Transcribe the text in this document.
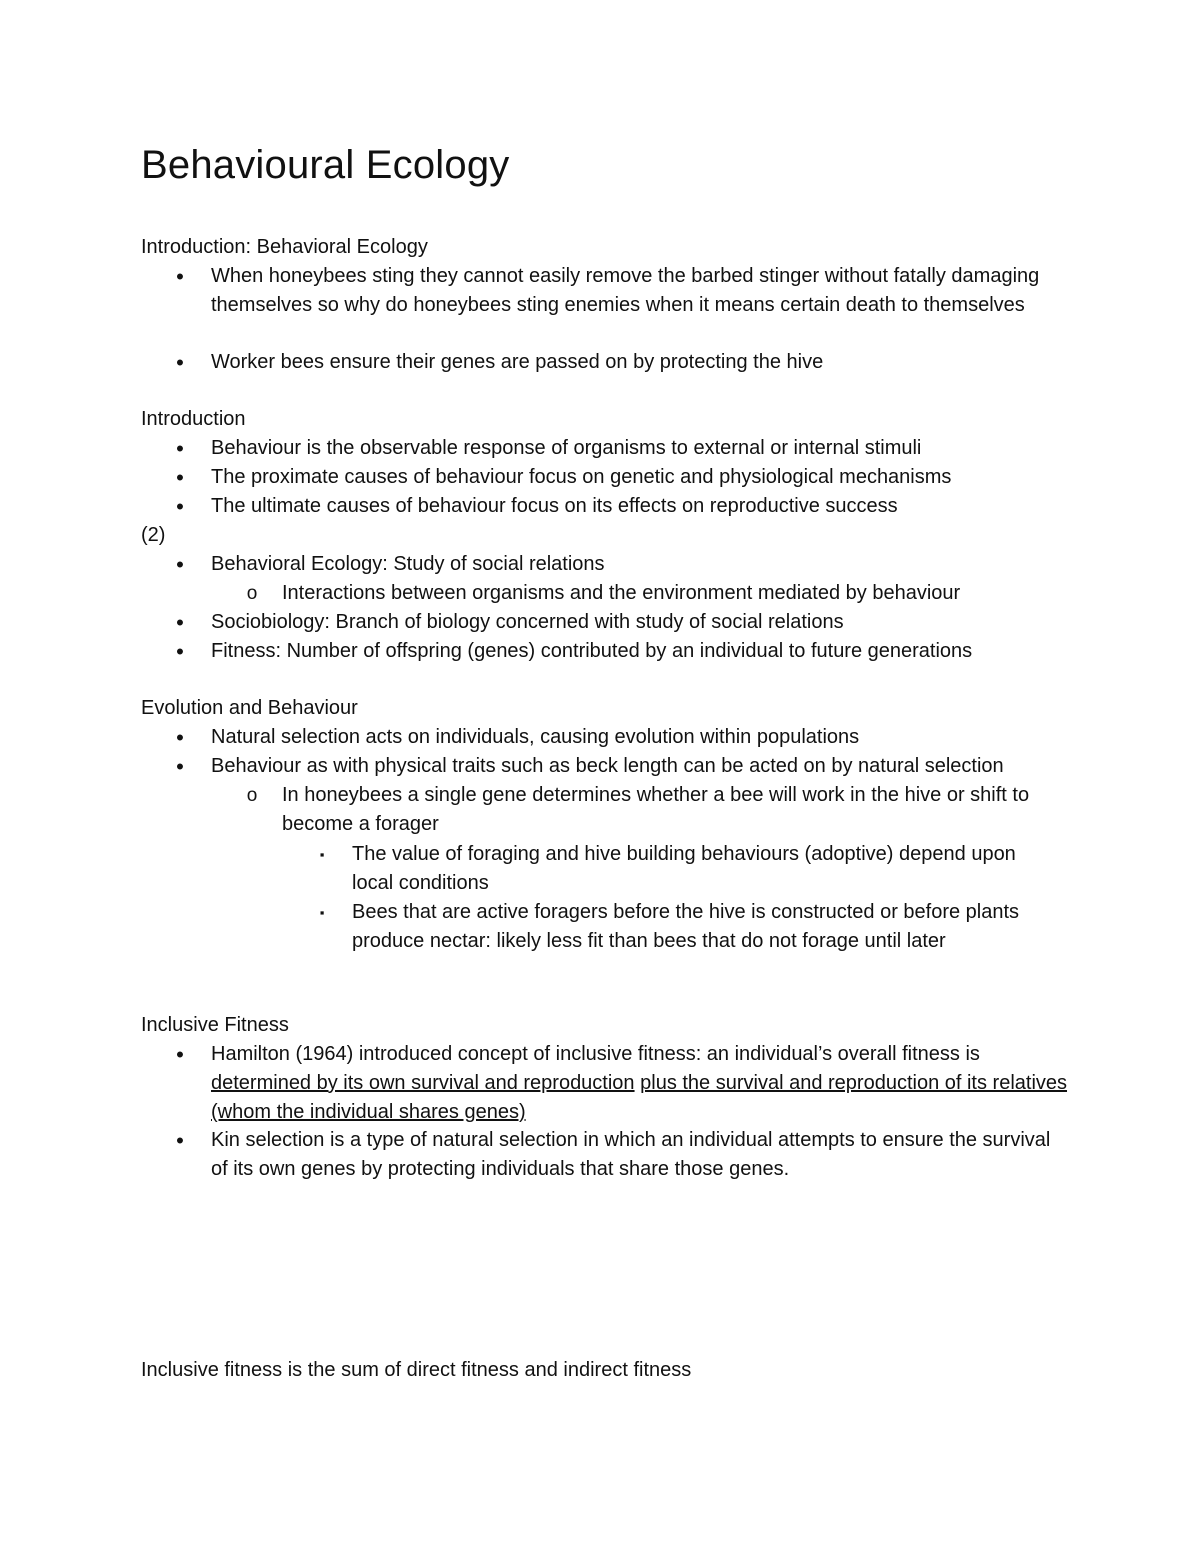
Behavioural Ecology
Introduction: Behavioral Ecology
•	When honeybees sting they cannot easily remove the barbed stinger without fatally damaging themselves so why do honeybees sting enemies when it means certain death to themselves
•	Worker bees ensure their genes are passed on by protecting the hive
Introduction
•	Behaviour is the observable response of organisms to external or internal stimuli
•	The proximate causes of behaviour focus on genetic and physiological mechanisms
•	The ultimate causes of behaviour focus on its effects on reproductive success
(2)
•	Behavioral Ecology: Study of social relations
o Interactions between organisms and the environment mediated by behaviour
•	Sociobiology: Branch of biology concerned with study of social relations
•	Fitness: Number of offspring (genes) contributed by an individual to future generations
Evolution and Behaviour
•	Natural selection acts on individuals, causing evolution within populations
•	Behaviour as with physical traits such as beck length can be acted on by natural selection
o In honeybees a single gene determines whether a bee will work in the hive or shift to become a forager
▪	The value of foraging and hive building behaviours (adoptive) depend upon local conditions
▪	Bees that are active foragers before the hive is constructed or before plants produce nectar: likely less fit than bees that do not forage until later
Inclusive Fitness
•	Hamilton (1964) introduced concept of inclusive fitness: an individual’s overall fitness is determined by its own survival and reproduction plus the survival and reproduction of its relatives (whom the individual shares genes)
•	Kin selection is a type of natural selection in which an individual attempts to ensure the survival of its own genes by protecting individuals that share those genes.
Inclusive fitness is the sum of direct fitness and indirect fitness
